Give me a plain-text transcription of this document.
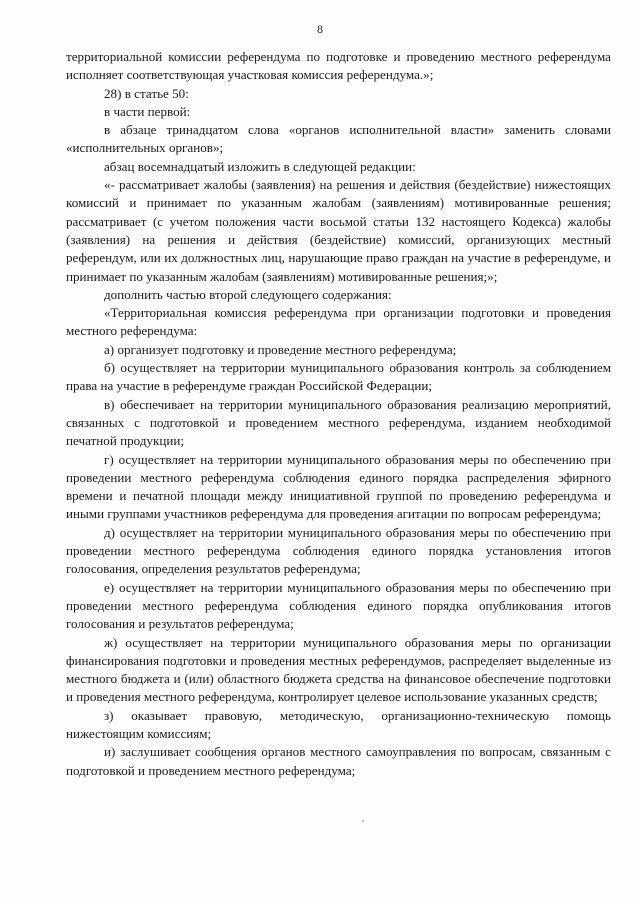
8

территориальной комиссии референдума по подготовке и проведению местного референдума исполняет соответствующая участковая комиссия референдума.»;

28) в статье 50:

в части первой:

в абзаце тринадцатом слова «органов исполнительной власти» заменить словами «исполнительных органов»;

абзац восемнадцатый изложить в следующей редакции:

«- рассматривает жалобы (заявления) на решения и действия (бездействие) нижестоящих комиссий и принимает по указанным жалобам (заявлениям) мотивированные решения; рассматривает (с учетом положения части восьмой статьи 132 настоящего Кодекса) жалобы (заявления) на решения и действия (бездействие) комиссий, организующих местный референдум, или их должностных лиц, нарушающие право граждан на участие в референдуме, и принимает по указанным жалобам (заявлениям) мотивированные решения;»;

дополнить частью второй следующего содержания:

«Территориальная комиссия референдума при организации подготовки и проведения местного референдума:

а) организует подготовку и проведение местного референдума;

б) осуществляет на территории муниципального образования контроль за соблюдением права на участие в референдуме граждан Российской Федерации;

в) обеспечивает на территории муниципального образования реализацию мероприятий, связанных с подготовкой и проведением местного референдума, изданием необходимой печатной продукции;

г) осуществляет на территории муниципального образования меры по обеспечению при проведении местного референдума соблюдения единого порядка распределения эфирного времени и печатной площади между инициативной группой по проведению референдума и иными группами участников референдума для проведения агитации по вопросам референдума;

д) осуществляет на территории муниципального образования меры по обеспечению при проведении местного референдума соблюдения единого порядка установления итогов голосования, определения результатов референдума;

е) осуществляет на территории муниципального образования меры по обеспечению при проведении местного референдума соблюдения единого порядка опубликования итогов голосования и результатов референдума;

ж) осуществляет на территории муниципального образования меры по организации финансирования подготовки и проведения местных референдумов, распределяет выделенные из местного бюджета и (или) областного бюджета средства на финансовое обеспечение подготовки и проведения местного референдума, контролирует целевое использование указанных средств;

з) оказывает правовую, методическую, организационно-техническую помощь нижестоящим комиссиям;

и) заслушивает сообщения органов местного самоуправления по вопросам, связанным с подготовкой и проведением местного референдума;
